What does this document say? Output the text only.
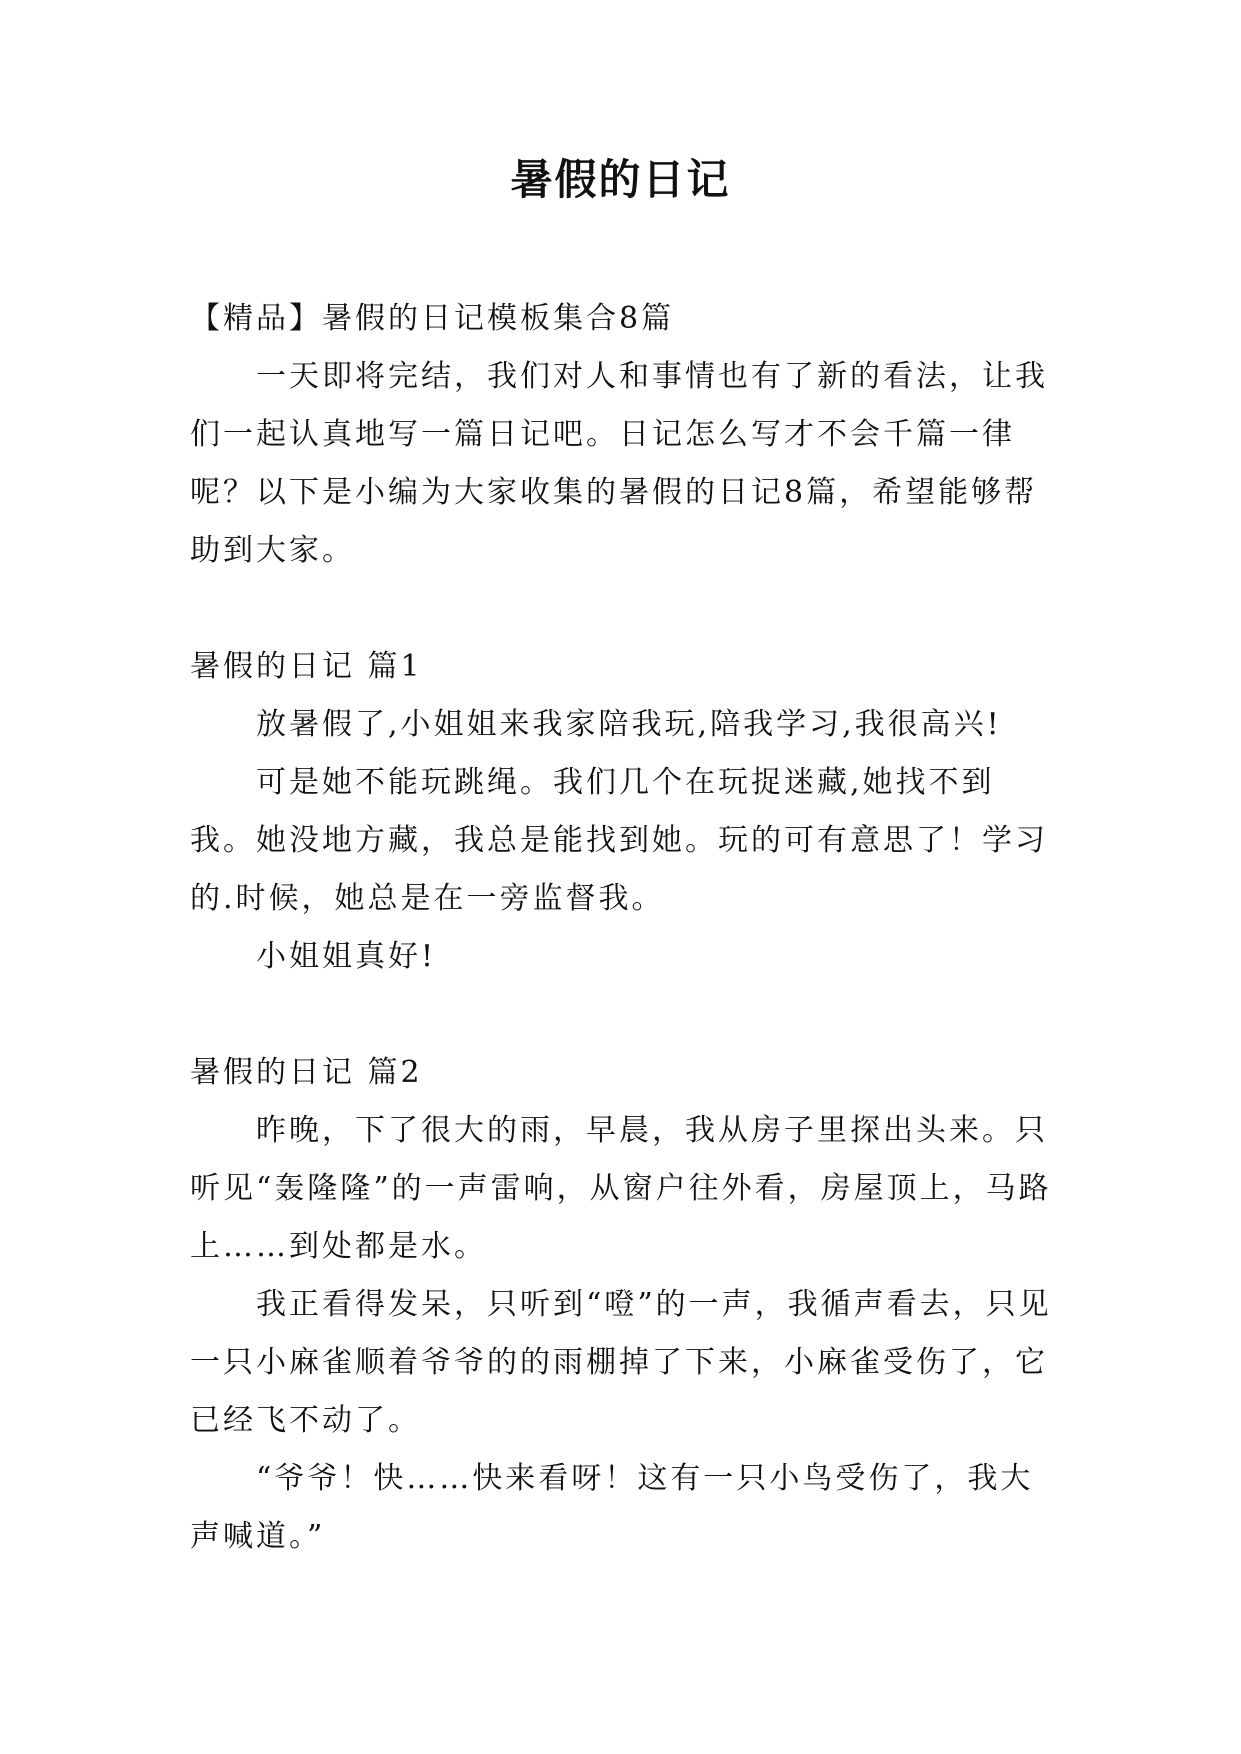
暑假的日记

【精品】暑假的日记模板集合8篇

一天即将完结，我们对人和事情也有了新的看法，让我们一起认真地写一篇日记吧。日记怎么写才不会千篇一律呢？以下是小编为大家收集的暑假的日记8篇，希望能够帮助到大家。

暑假的日记 篇1

放暑假了,小姐姐来我家陪我玩,陪我学习,我很高兴!

可是她不能玩跳绳。我们几个在玩捉迷藏,她找不到我。她没地方藏，我总是能找到她。玩的可有意思了！学习的.时候，她总是在一旁监督我。

小姐姐真好!

暑假的日记 篇2

昨晚，下了很大的雨，早晨，我从房子里探出头来。只听见“轰隆隆”的一声雷响，从窗户往外看，房屋顶上，马路上……到处都是水。

我正看得发呆，只听到“噔”的一声，我循声看去，只见一只小麻雀顺着爷爷的的雨棚掉了下来，小麻雀受伤了，它已经飞不动了。

“爷爷！快……快来看呀！这有一只小鸟受伤了，我大声喊道。”
